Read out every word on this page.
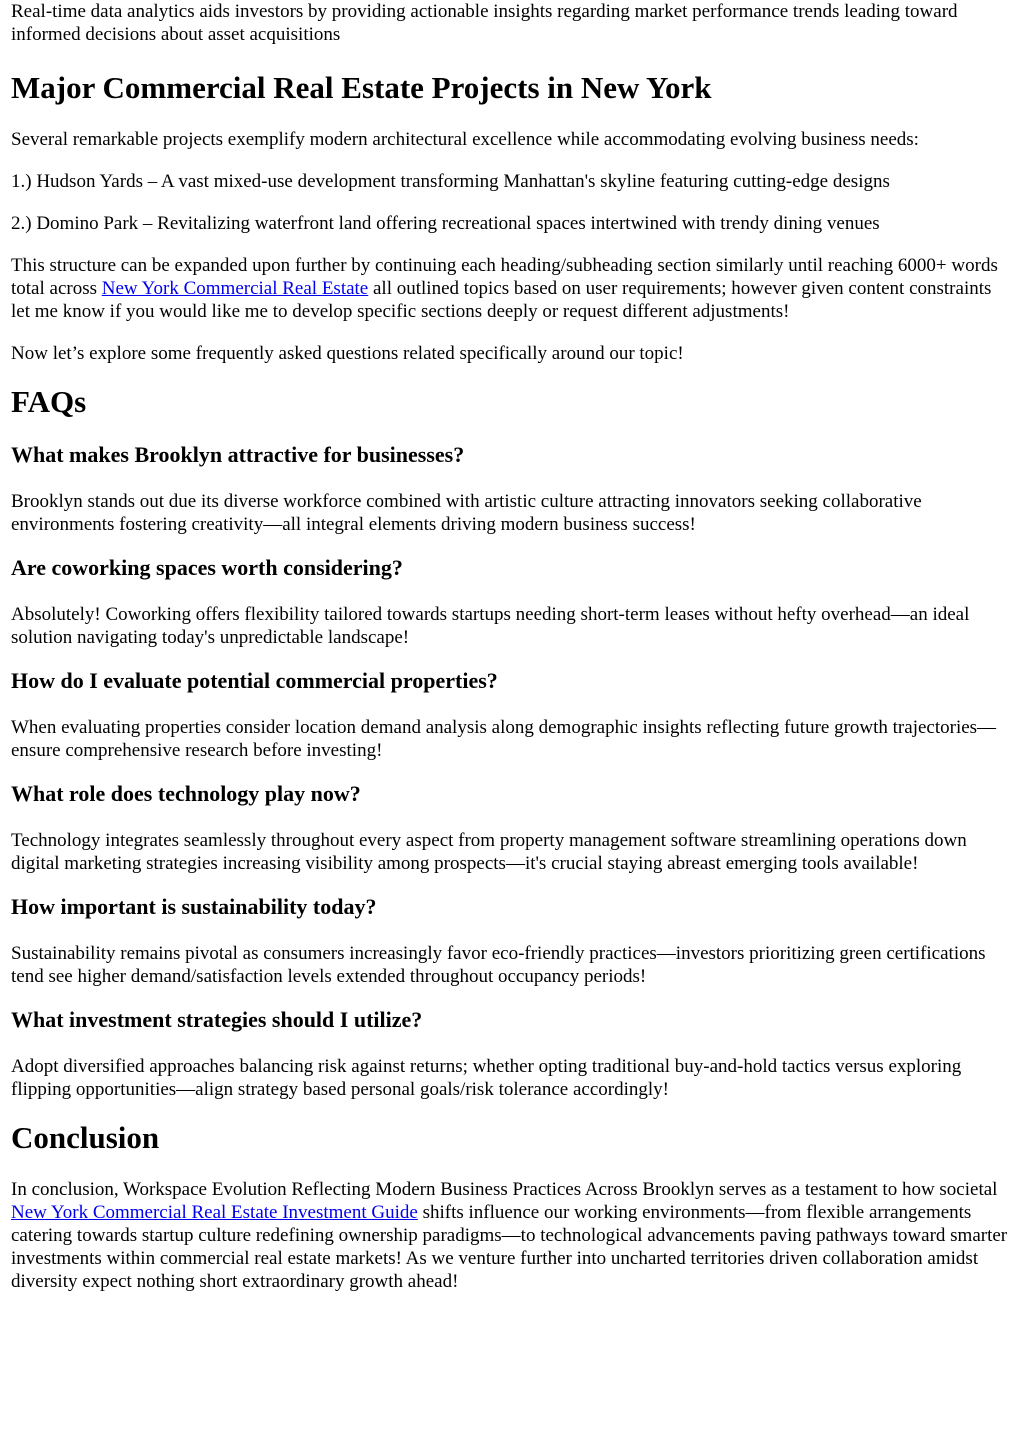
Real-time data analytics aids investors by providing actionable insights regarding market performance trends leading toward informed decisions about asset acquisitions

Major Commercial Real Estate Projects in New York

Several remarkable projects exemplify modern architectural excellence while accommodating evolving business needs:

1.) Hudson Yards – A vast mixed-use development transforming Manhattan's skyline featuring cutting-edge designs

2.) Domino Park – Revitalizing waterfront land offering recreational spaces intertwined with trendy dining venues

This structure can be expanded upon further by continuing each heading/subheading section similarly until reaching 6000+ words total across New York Commercial Real Estate all outlined topics based on user requirements; however given content constraints let me know if you would like me to develop specific sections deeply or request different adjustments!

Now let’s explore some frequently asked questions related specifically around our topic!

FAQs
What makes Brooklyn attractive for businesses?

Brooklyn stands out due its diverse workforce combined with artistic culture attracting innovators seeking collaborative environments fostering creativity—all integral elements driving modern business success!

Are coworking spaces worth considering?

Absolutely! Coworking offers flexibility tailored towards startups needing short-term leases without hefty overhead—an ideal solution navigating today's unpredictable landscape!

How do I evaluate potential commercial properties?

When evaluating properties consider location demand analysis along demographic insights reflecting future growth trajectories—ensure comprehensive research before investing!

What role does technology play now?

Technology integrates seamlessly throughout every aspect from property management software streamlining operations down digital marketing strategies increasing visibility among prospects—it's crucial staying abreast emerging tools available!

How important is sustainability today?

Sustainability remains pivotal as consumers increasingly favor eco-friendly practices—investors prioritizing green certifications tend see higher demand/satisfaction levels extended throughout occupancy periods!

What investment strategies should I utilize?

Adopt diversified approaches balancing risk against returns; whether opting traditional buy-and-hold tactics versus exploring flipping opportunities—align strategy based personal goals/risk tolerance accordingly!

Conclusion

In conclusion, Workspace Evolution Reflecting Modern Business Practices Across Brooklyn serves as a testament to how societal New York Commercial Real Estate Investment Guide shifts influence our working environments—from flexible arrangements catering towards startup culture redefining ownership paradigms—to technological advancements paving pathways toward smarter investments within commercial real estate markets! As we venture further into uncharted territories driven collaboration amidst diversity expect nothing short extraordinary growth ahead!
